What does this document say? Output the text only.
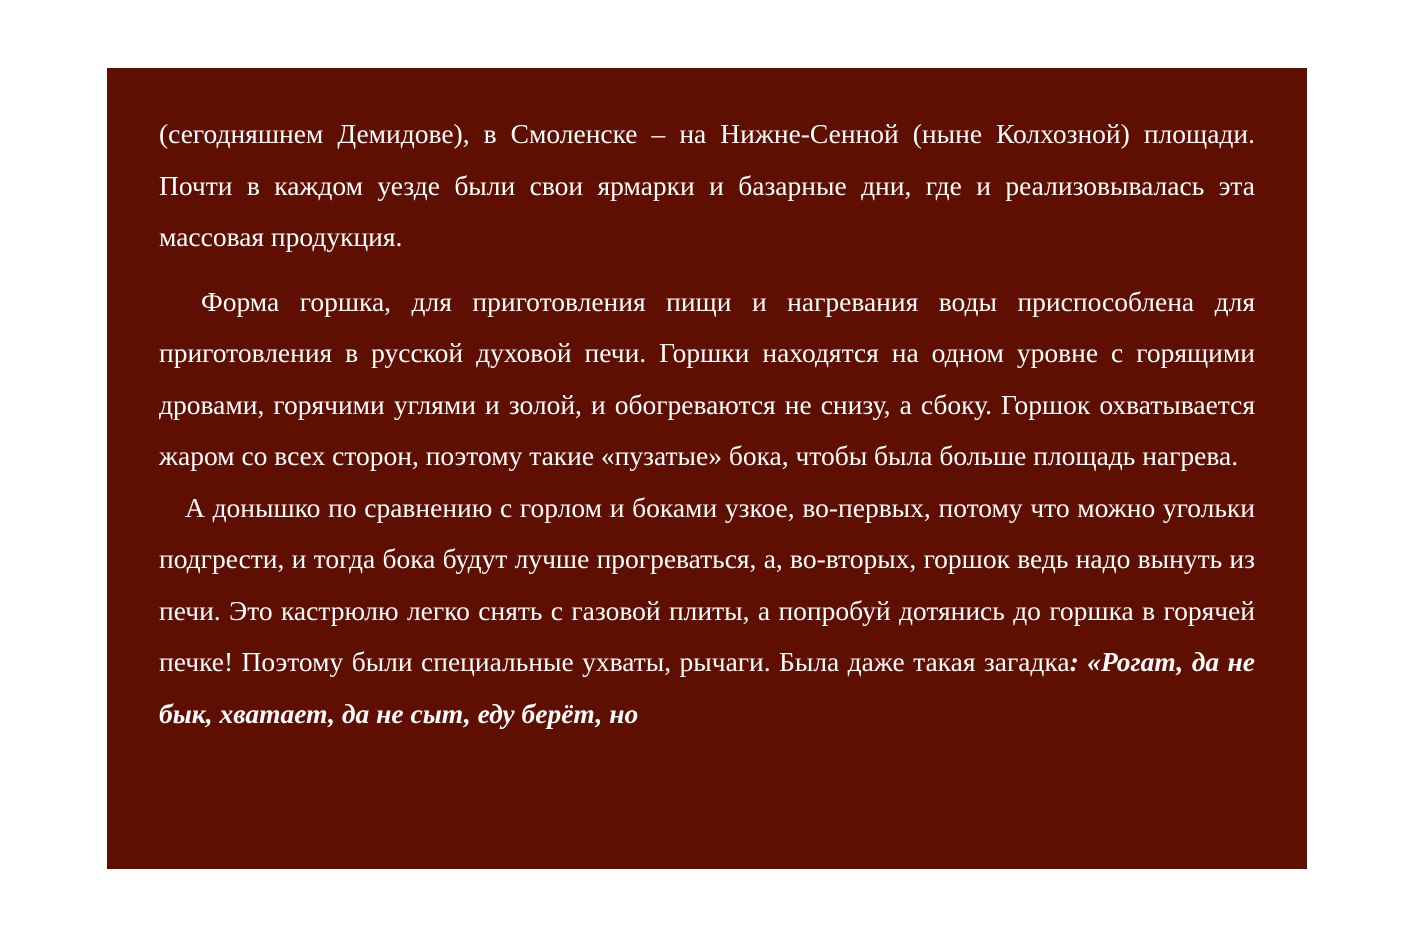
(сегодняшнем Демидове), в Смоленске – на Нижне-Сенной (ныне Колхозной) площади. Почти в каждом уезде были свои ярмарки и базарные дни, где и реализовывалась эта массовая продукция.

Форма горшка, для приготовления пищи и нагревания воды приспособлена для приготовления в русской духовой печи. Горшки находятся на одном уровне с горящими дровами, горячими углями и золой, и обогреваются не снизу, а сбоку. Горшок охватывается жаром со всех сторон, поэтому такие «пузатые» бока, чтобы была больше площадь нагрева.

А донышко по сравнению с горлом и боками узкое, во-первых, потому что можно угольки подгрести, и тогда бока будут лучше прогреваться, а, во-вторых, горшок ведь надо вынуть из печи. Это кастрюлю легко снять с газовой плиты, а попробуй дотянись до горшка в горячей печке! Поэтому были специальные ухваты, рычаги. Была даже такая загадка: «Рогат, да не бык, хватает, да не сыт, еду берёт, но
